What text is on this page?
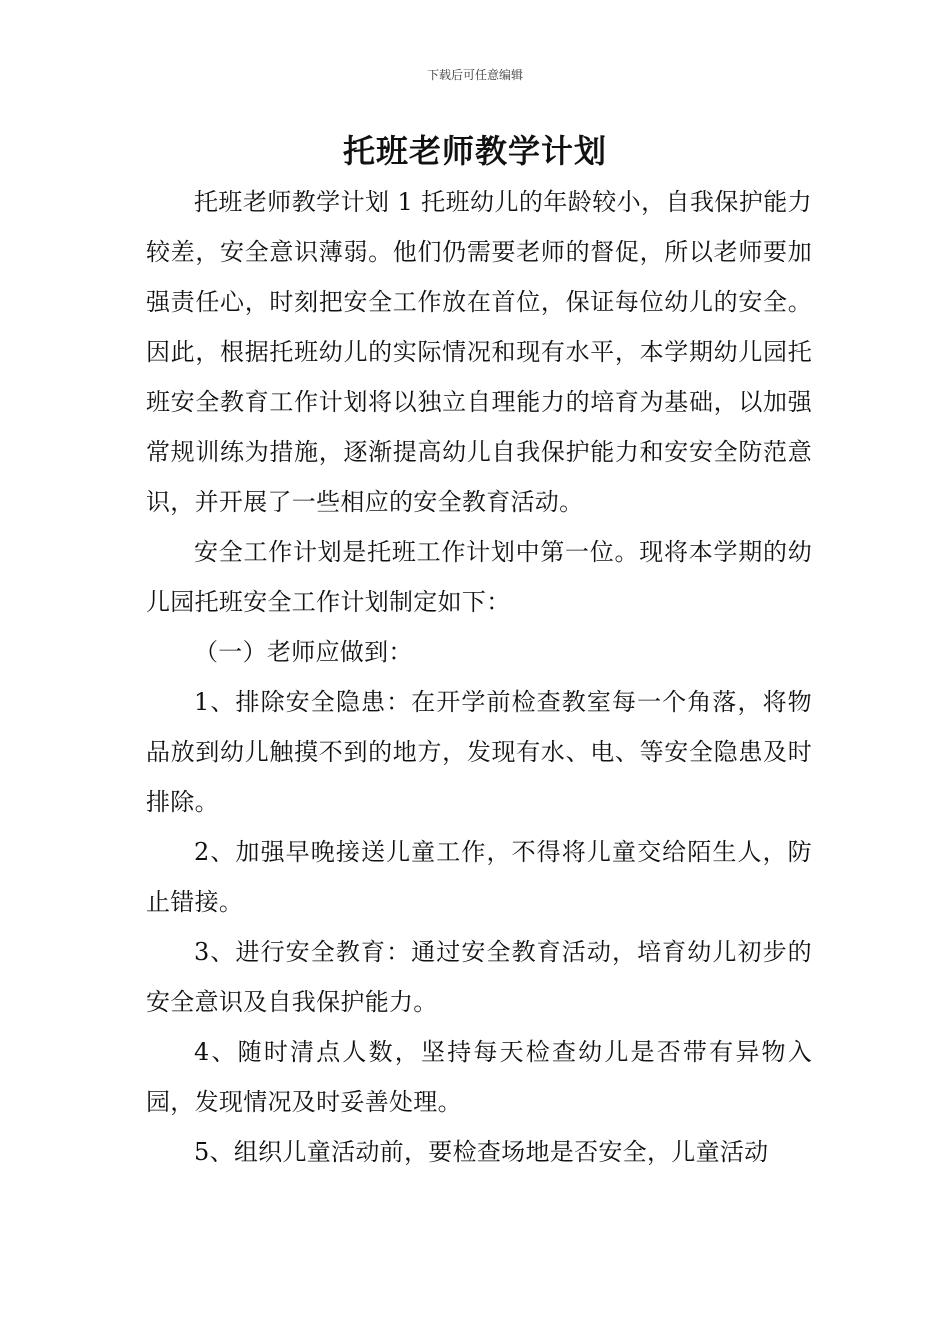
下载后可任意编辑
托班老师教学计划

托班老师教学计划 1 托班幼儿的年龄较小，自我保护能力较差，安全意识薄弱。他们仍需要老师的督促，所以老师要加强责任心，时刻把安全工作放在首位，保证每位幼儿的安全。因此，根据托班幼儿的实际情况和现有水平，本学期幼儿园托班安全教育工作计划将以独立自理能力的培育为基础，以加强常规训练为措施，逐渐提高幼儿自我保护能力和安安全防范意识，并开展了一些相应的安全教育活动。

安全工作计划是托班工作计划中第一位。现将本学期的幼儿园托班安全工作计划制定如下：

（一）老师应做到：

1、排除安全隐患：在开学前检查教室每一个角落，将物品放到幼儿触摸不到的地方，发现有水、电、等安全隐患及时排除。

2、加强早晚接送儿童工作，不得将儿童交给陌生人，防止错接。

3、进行安全教育：通过安全教育活动，培育幼儿初步的安全意识及自我保护能力。

4、随时清点人数，坚持每天检查幼儿是否带有异物入园，发现情况及时妥善处理。

5、组织儿童活动前，要检查场地是否安全，儿童活动
